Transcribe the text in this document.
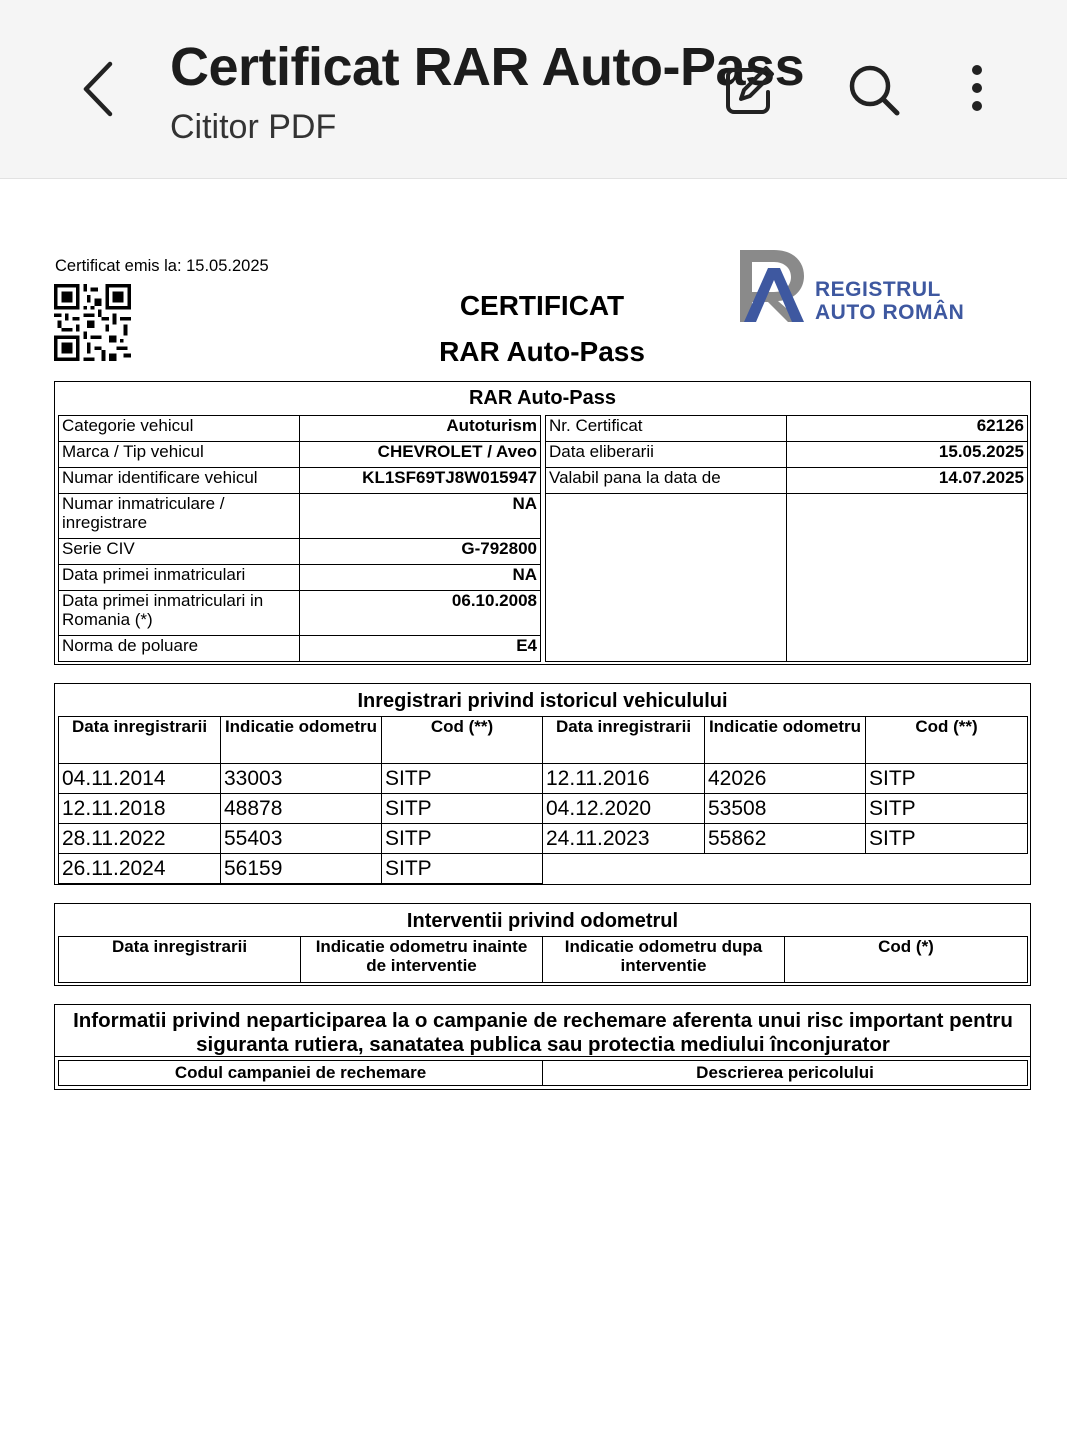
Certificat RAR Auto-Pass
Cititor PDF
Certificat emis la: 15.05.2025
CERTIFICAT
RAR Auto-Pass
REGISTRUL
AUTO ROMÂN
RAR Auto-Pass
Categorie vehicul	Autoturism
Marca / Tip vehicul	CHEVROLET / Aveo
Numar identificare vehicul	KL1SF69TJ8W015947
Numar inmatriculare / inregistrare	NA
Serie CIV	G-792800
Data primei inmatriculari	NA
Data primei inmatriculari in Romania (*)	06.10.2008
Norma de poluare	E4
Nr. Certificat	62126
Data eliberarii	15.05.2025
Valabil pana la data de	14.07.2025

Inregistrari privind istoricul vehiculului
Data inregistrarii	Indicatie odometru	Cod (**)	Data inregistrarii	Indicatie odometru	Cod (**)
04.11.2014	33003	SITP	12.11.2016	42026	SITP
12.11.2018	48878	SITP	04.12.2020	53508	SITP
28.11.2022	55403	SITP	24.11.2023	55862	SITP
26.11.2024	56159	SITP			
Interventii privind odometrul
Data inregistrarii	Indicatie odometru inainte de interventie	Indicatie odometru dupa interventie	Cod (*)
Informatii privind neparticiparea la o campanie de rechemare aferenta unui risc important pentru siguranta rutiera, sanatatea publica sau protectia mediului înconjurator
Codul campaniei de rechemare	Descrierea pericolului
